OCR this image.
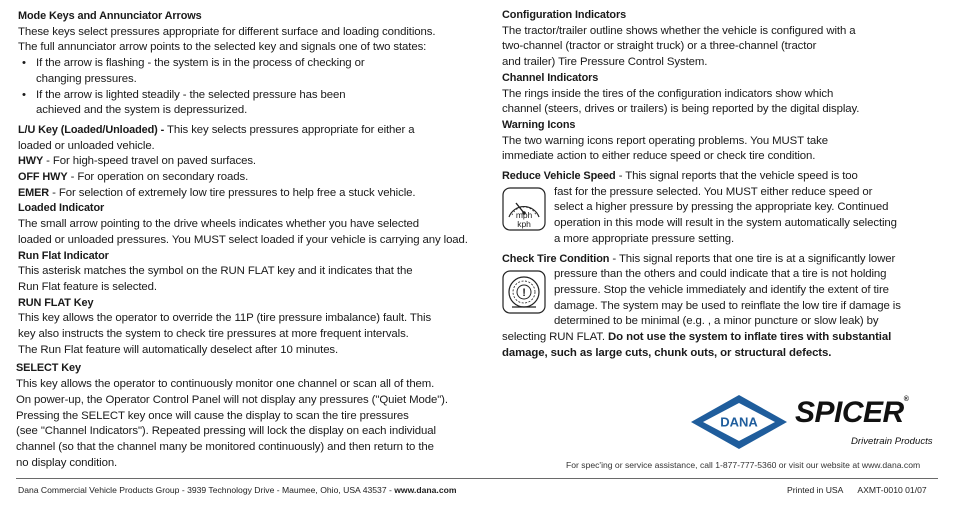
Mode Keys and Annunciator Arrows

These keys select pressures appropriate for different surface and loading conditions.

The full annunciator arrow points to the selected key and signals one of two states:

• If the arrow is flashing - the system is in the process of checking or

changing pressures.

• If the arrow is lighted steadily - the selected pressure has been

achieved and the system is depressurized.

L/U Key (Loaded/Unloaded) - This key selects pressures appropriate for either a

loaded or unloaded vehicle.

HWY - For high-speed travel on paved surfaces.

OFF HWY - For operation on secondary roads.

EMER - For selection of extremely low tire pressures to help free a stuck vehicle.

Loaded Indicator

The small arrow pointing to the drive wheels indicates whether you have selected

loaded or unloaded pressures. You MUST select loaded if your vehicle is carrying any load.

Run Flat Indicator

This asterisk matches the symbol on the RUN FLAT key and it indicates that the

Run Flat feature is selected.

RUN FLAT Key

This key allows the operator to override the 11P (tire pressure imbalance) fault. This

key also instructs the system to check tire pressures at more frequent intervals.

The Run Flat feature will automatically deselect after 10 minutes.

SELECT Key

This key allows the operator to continuously monitor one channel or scan all of them.

On power-up, the Operator Control Panel will not display any pressures ("Quiet Mode").

Pressing the SELECT key once will cause the display to scan the tire pressures

(see "Channel Indicators"). Repeated pressing will lock the display on each individual

channel (so that the channel many be monitored continuously) and then return to the

no display condition.

Configuration Indicators

The tractor/trailer outline shows whether the vehicle is configured with a

two-channel (tractor or straight truck) or a three-channel (tractor

and trailer) Tire Pressure Control System.

Channel Indicators

The rings inside the tires of the configuration indicators show which

channel (steers, drives or trailers) is being reported by the digital display.

Warning Icons

The two warning icons report operating problems. You MUST take

immediate action to either reduce speed or check tire condition.

Reduce Vehicle Speed - This signal reports that the vehicle speed is too

mph
kph

fast for the pressure selected. You MUST either reduce speed or

select a higher pressure by pressing the appropriate key. Continued

operation in this mode will result in the system automatically selecting

a more appropriate pressure setting.

Check Tire Condition - This signal reports that one tire is at a significantly lower

!

pressure than the others and could indicate that a tire is not holding

pressure. Stop the vehicle immediately and identify the extent of tire

damage. The system may be used to reinflate the low tire if damage is

determined to be minimal (e.g. , a minor puncture or slow leak) by

selecting RUN FLAT. Do not use the system to inflate tires with substantial

damage, such as large cuts, chunk outs, or structural defects.

DANA SPICER®
Drivetrain Products
For spec'ing or service assistance, call 1-877-777-5360 or visit our website at www.dana.com
Dana Commercial Vehicle Products Group - 3939 Technology Drive - Maumee, Ohio, USA 43537 - www.dana.com	Printed in USA AXMT-0010 01/07
